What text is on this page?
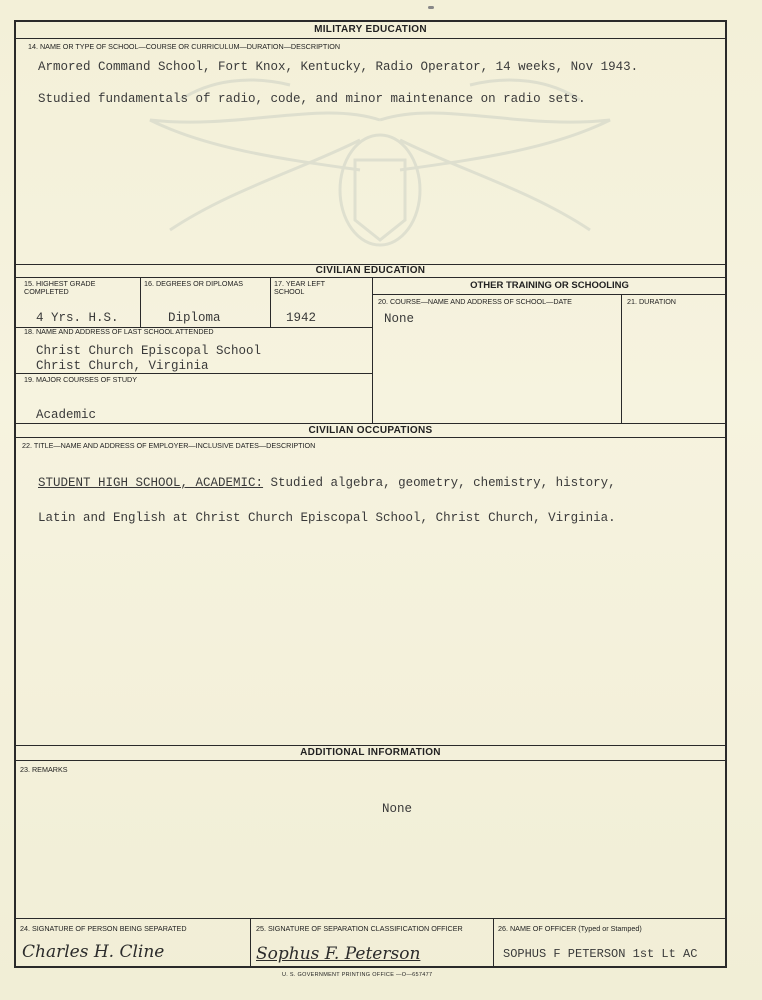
MILITARY EDUCATION
14. NAME OR TYPE OF SCHOOL—COURSE OR CURRICULUM—DURATION—DESCRIPTION
Armored Command School, Fort Knox, Kentucky, Radio Operator, 14 weeks, Nov 1943.
Studied fundamentals of radio, code, and minor maintenance on radio sets.
CIVILIAN EDUCATION
OTHER TRAINING OR SCHOOLING
15. HIGHEST GRADE COMPLETED
4 Yrs. H.S.
16. DEGREES OR DIPLOMAS
Diploma
17. YEAR LEFT SCHOOL
1942
18. NAME AND ADDRESS OF LAST SCHOOL ATTENDED
Christ Church Episcopal School
Christ Church, Virginia
19. MAJOR COURSES OF STUDY
Academic
20. COURSE—NAME AND ADDRESS OF SCHOOL—DATE
None
21. DURATION
CIVILIAN OCCUPATIONS
22. TITLE—NAME AND ADDRESS OF EMPLOYER—INCLUSIVE DATES—DESCRIPTION
STUDENT HIGH SCHOOL, ACADEMIC: Studied algebra, geometry, chemistry, history,
Latin and English at Christ Church Episcopal School, Christ Church, Virginia.
ADDITIONAL INFORMATION
23. REMARKS
None
24. SIGNATURE OF PERSON BEING SEPARATED
Charles H. Cline
25. SIGNATURE OF SEPARATION CLASSIFICATION OFFICER
Sophus F. Peterson
26. NAME OF OFFICER (Typed or Stamped)
SOPHUS F PETERSON 1st Lt AC
U. S. GOVERNMENT PRINTING OFFICE —O—657477
